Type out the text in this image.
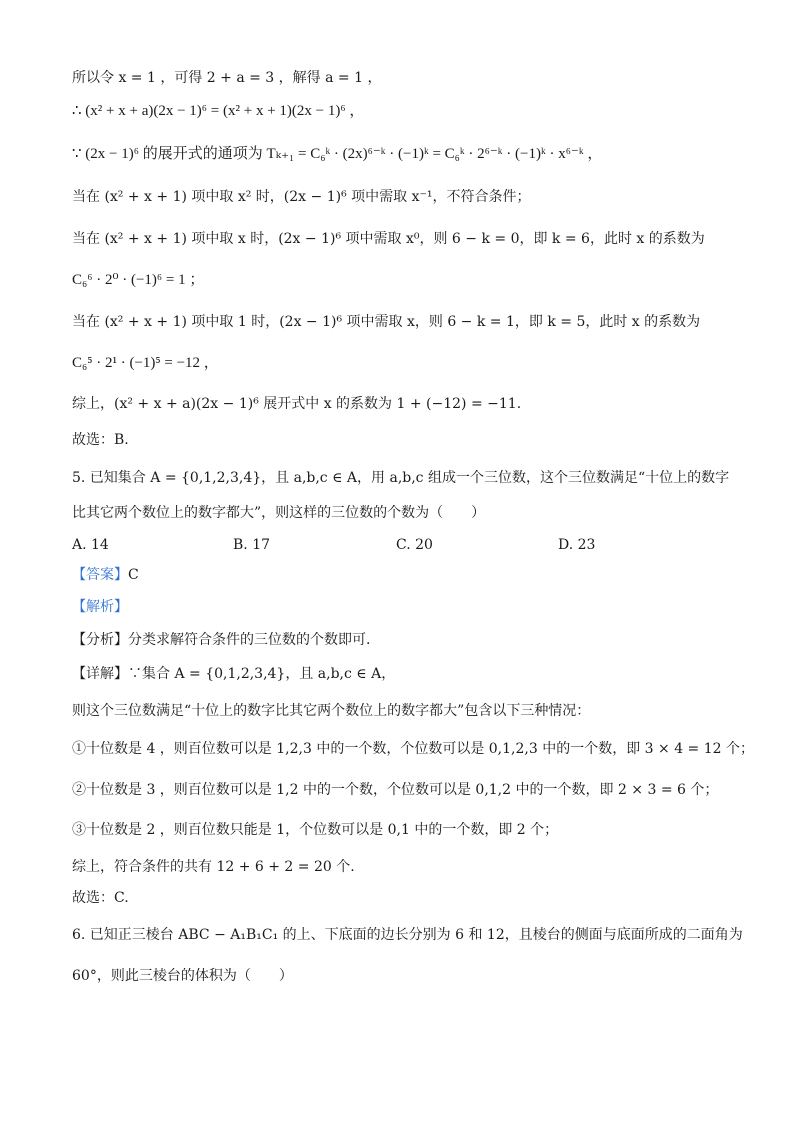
所以令 x = 1 ，可得 2 + a = 3 ，解得 a = 1 ，
∴ (x² + x + a)(2x − 1)⁶ = (x² + x + 1)(2x − 1)⁶ ，
∵ (2x − 1)⁶ 的展开式的通项为 Tₖ₊₁ = C₆ᵏ · (2x)⁶⁻ᵏ · (−1)ᵏ = C₆ᵏ · 2⁶⁻ᵏ · (−1)ᵏ · x⁶⁻ᵏ ，
当在 (x² + x + 1) 项中取 x² 时，(2x − 1)⁶ 项中需取 x⁻¹，不符合条件；
当在 (x² + x + 1) 项中取 x 时，(2x − 1)⁶ 项中需取 x⁰，则 6 − k = 0，即 k = 6，此时 x 的系数为
C₆⁶ · 2⁰ · (−1)⁶ = 1 ；
当在 (x² + x + 1) 项中取 1 时，(2x − 1)⁶ 项中需取 x，则 6 − k = 1，即 k = 5，此时 x 的系数为
C₆⁵ · 2¹ · (−1)⁵ = −12 ，
综上，(x² + x + a)(2x − 1)⁶ 展开式中 x 的系数为 1 + (−12) = −11.
故选：B.
5. 已知集合 A = {0,1,2,3,4}，且 a,b,c ∈ A，用 a,b,c 组成一个三位数，这个三位数满足“十位上的数字
比其它两个数位上的数字都大”，则这样的三位数的个数为（　　）
A. 14	B. 17	C. 20	D. 23
【答案】C
【解析】
【分析】分类求解符合条件的三位数的个数即可.
【详解】∵集合 A = {0,1,2,3,4}，且 a,b,c ∈ A，
则这个三位数满足“十位上的数字比其它两个数位上的数字都大”包含以下三种情况：
①十位数是 4 ，则百位数可以是 1,2,3 中的一个数，个位数可以是 0,1,2,3 中的一个数，即 3 × 4 = 12 个；
②十位数是 3 ，则百位数可以是 1,2 中的一个数，个位数可以是 0,1,2 中的一个数，即 2 × 3 = 6 个；
③十位数是 2 ，则百位数只能是 1，个位数可以是 0,1 中的一个数，即 2 个；
综上，符合条件的共有 12 + 6 + 2 = 20 个.
故选：C.
6. 已知正三棱台 ABC − A₁B₁C₁ 的上、下底面的边长分别为 6 和 12，且棱台的侧面与底面所成的二面角为
60°，则此三棱台的体积为（　　）
